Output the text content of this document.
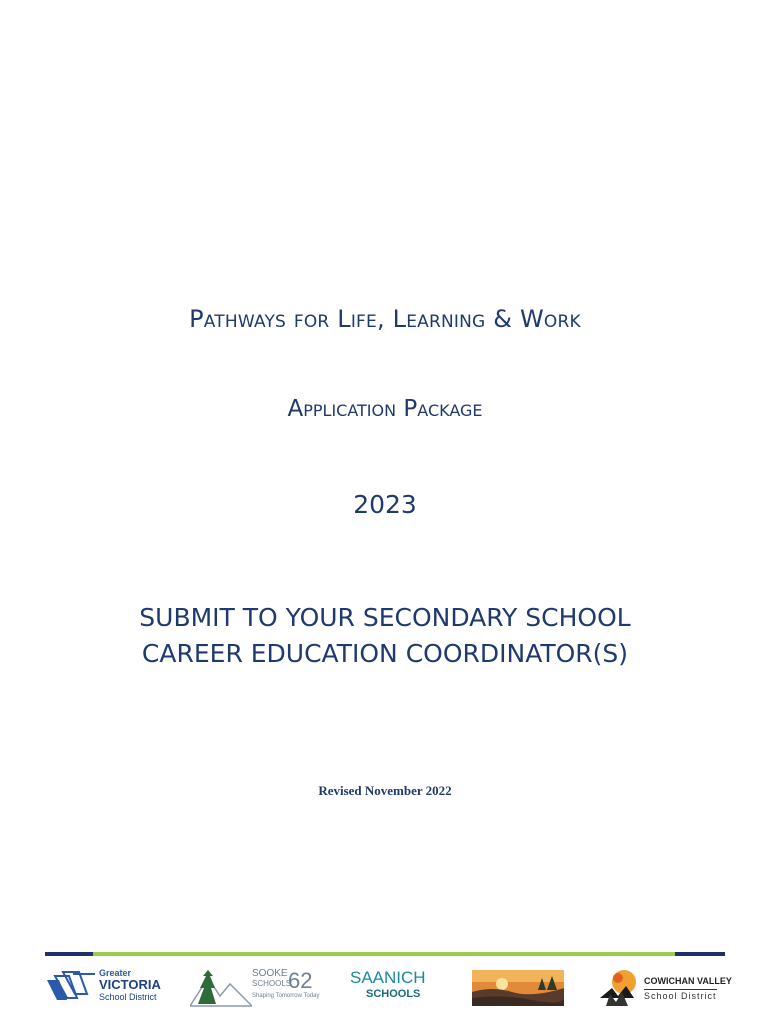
Pathways for Life, Learning & Work
Application Package
2023
SUBMIT TO YOUR SECONDARY SCHOOL
CAREER EDUCATION COORDINATOR(S)
Revised November 2022
Greater
VICTORIA
School District
SOOKE
SCHOOLS
62
Shaping Tomorrow Today
SAANICH
SCHOOLS
COWICHAN VALLEY
School District
